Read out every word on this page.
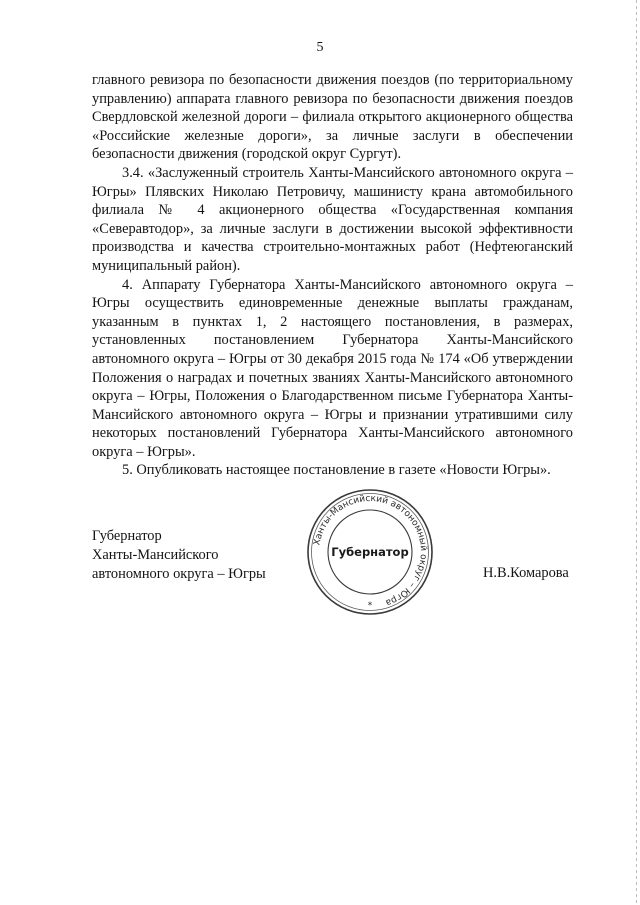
5

главного ревизора по безопасности движения поездов (по территориальному управлению) аппарата главного ревизора по безопасности движения поездов Свердловской железной дороги – филиала открытого акционерного общества «Российские железные дороги», за личные заслуги в обеспечении безопасности движения (городской округ Сургут).

3.4. «Заслуженный строитель Ханты-Мансийского автономного округа – Югры» Плявских Николаю Петровичу, машинисту крана автомобильного филиала № 4 акционерного общества «Государственная компания «Северавтодор», за личные заслуги в достижении высокой эффективности производства и качества строительно-монтажных работ (Нефтеюганский муниципальный район).

4. Аппарату Губернатора Ханты-Мансийского автономного округа – Югры осуществить единовременные денежные выплаты гражданам, указанным в пунктах 1, 2 настоящего постановления, в размерах, установленных постановлением Губернатора Ханты-Мансийского автономного округа – Югры от 30 декабря 2015 года № 174 «Об утверждении Положения о наградах и почетных званиях Ханты-Мансийского автономного округа – Югры, Положения о Благодарственном письме Губернатора Ханты-Мансийского автономного округа – Югры и признании утратившими силу некоторых постановлений Губернатора Ханты-Мансийского автономного округа – Югры».

5. Опубликовать настоящее постановление в газете «Новости Югры».

Губернатор
Ханты-Мансийского
автономного округа – Югры
Ханты-Мансийский автономный округ – Югра
Губернатор
*
Н.В.Комарова
